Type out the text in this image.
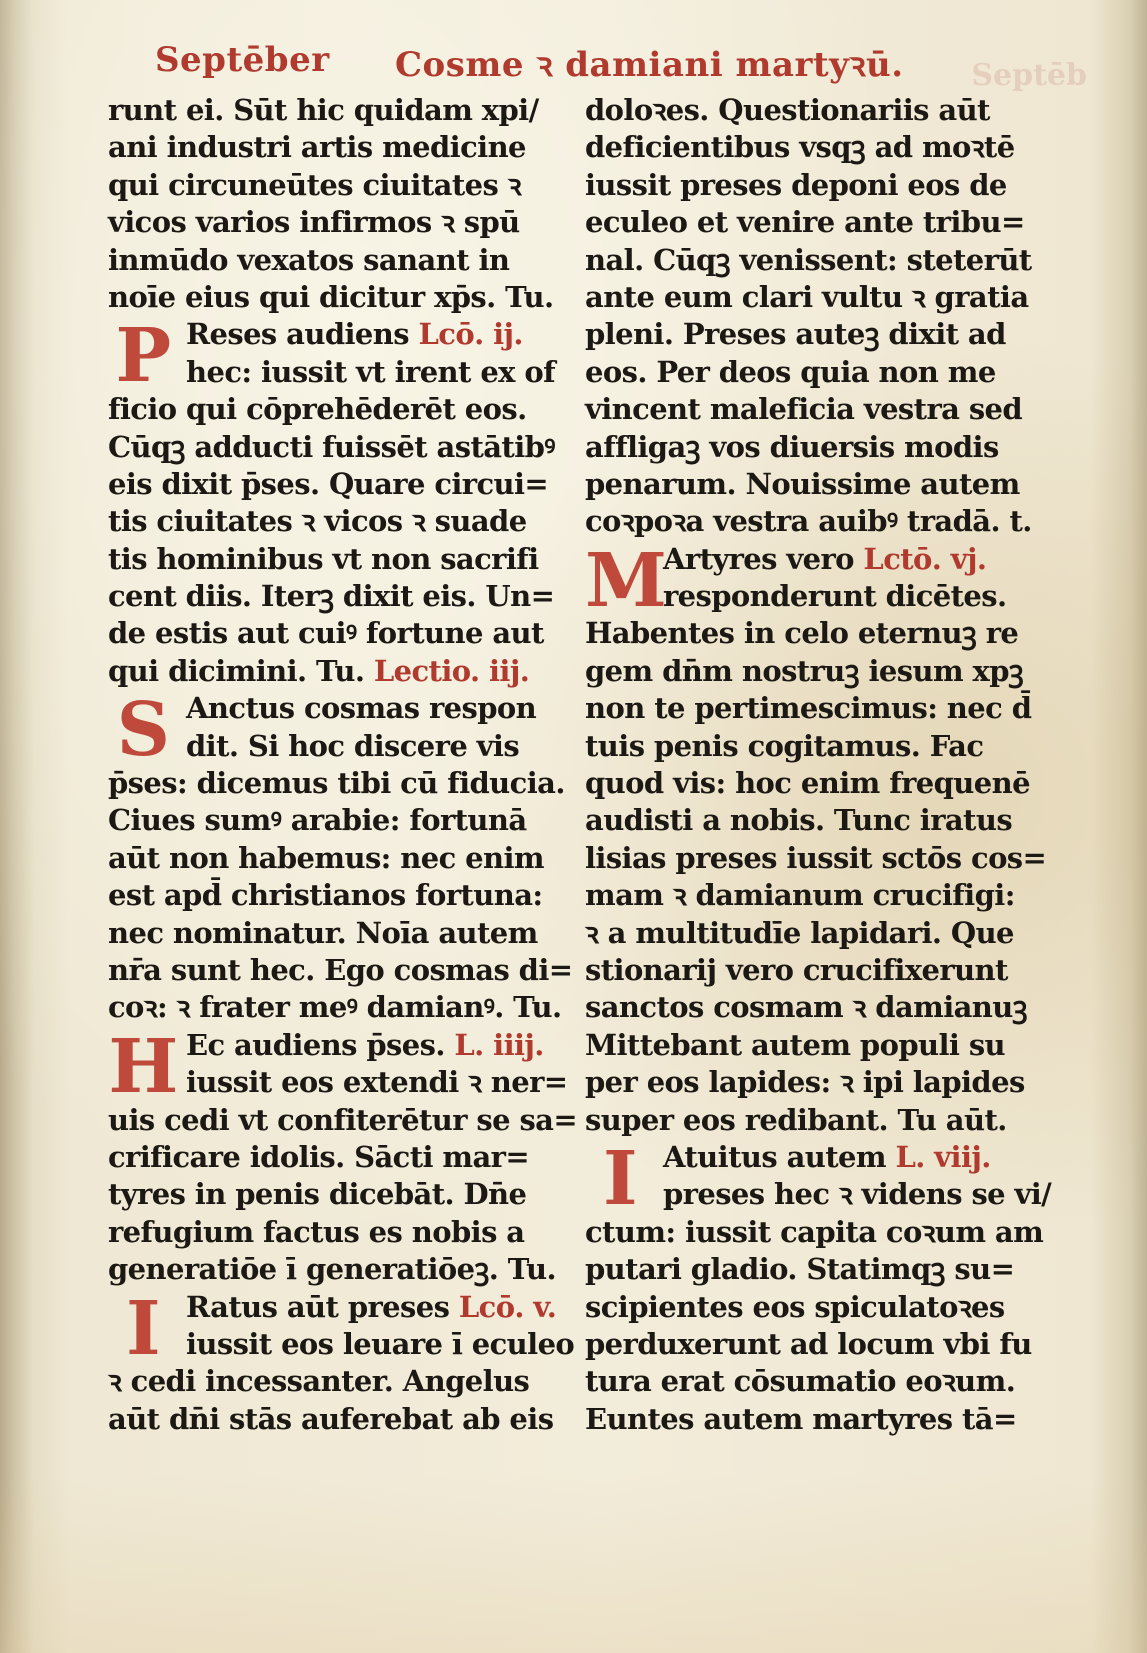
Septēber Cosme ꝛ damiani martyꝛū. Septēb
runt ei. Sūt hic quidam xpi/
ani industri artis medicine
qui circuneūtes ciuitates ꝛ
vicos varios infirmos ꝛ spū
inmūdo vexatos sanant in
noīe eius qui dicitur xp̄s. Tu.
P Reses audiens Lcō. ij.
hec: iussit vt irent ex of
ficio qui cōprehēderēt eos.
Cūqꝫ adducti fuissēt astātibꝰ
eis dixit p̄ses. Quare circui=
tis ciuitates ꝛ vicos ꝛ suade
tis hominibus vt non sacrifi
cent diis. Iterꝫ dixit eis. Un=
de estis aut cuiꝰ fortune aut
qui dicimini. Tu. Lectio. iij.
S Anctus cosmas respon
dit. Si hoc discere vis
p̄ses: dicemus tibi cū fiducia.
Ciues sumꝰ arabie: fortunā
aūt non habemus: nec enim
est apd̄ christianos fortuna:
nec nominatur. Noīa autem
nr̄a sunt hec. Ego cosmas di=
coꝛ: ꝛ frater meꝰ damianꝰ. Tu.
H Ec audiens p̄ses. L. iiij.
iussit eos extendi ꝛ ner=
uis cedi vt confiterētur se sa=
crificare idolis. Sācti mar=
tyres in penis dicebāt. Dn̄e
refugium factus es nobis a
generatiōe ī generatiōeꝫ. Tu.
I Ratus aūt preses Lcō. v.
iussit eos leuare ī eculeo
ꝛ cedi incessanter. Angelus
aūt dn̄i stās auferebat ab eis
doloꝛes. Questionariis aūt
deficientibus vsqꝫ ad moꝛtē
iussit preses deponi eos de
eculeo et venire ante tribu=
nal. Cūqꝫ venissent: steterūt
ante eum clari vultu ꝛ gratia
pleni. Preses auteꝫ dixit ad
eos. Per deos quia non me
vincent maleficia vestra sed
affligaꝫ vos diuersis modis
penarum. Nouissime autem
coꝛpoꝛa vestra auibꝰ tradā. t.
M
Artyres vero Lctō. vj.
responderunt dicētes.
Habentes in celo eternuꝫ re
gem dn̄m nostruꝫ iesum xpꝫ
non te pertimescimus: nec d̄
tuis penis cogitamus. Fac
quod vis: hoc enim frequenē
audisti a nobis. Tunc iratus
lisias preses iussit sctōs cos=
mam ꝛ damianum crucifigi:
ꝛ a multitudīe lapidari. Que
stionarij vero crucifixerunt
sanctos cosmam ꝛ damianuꝫ
Mittebant autem populi su
per eos lapides: ꝛ ipi lapides
super eos redibant. Tu aūt.
I Atuitus autem L. viij.
preses hec ꝛ videns se vi/
ctum: iussit capita coꝛum am
putari gladio. Statimqꝫ su=
scipientes eos spiculatoꝛes
perduxerunt ad locum vbi fu
tura erat cōsumatio eoꝛum.
Euntes autem martyres tā=
